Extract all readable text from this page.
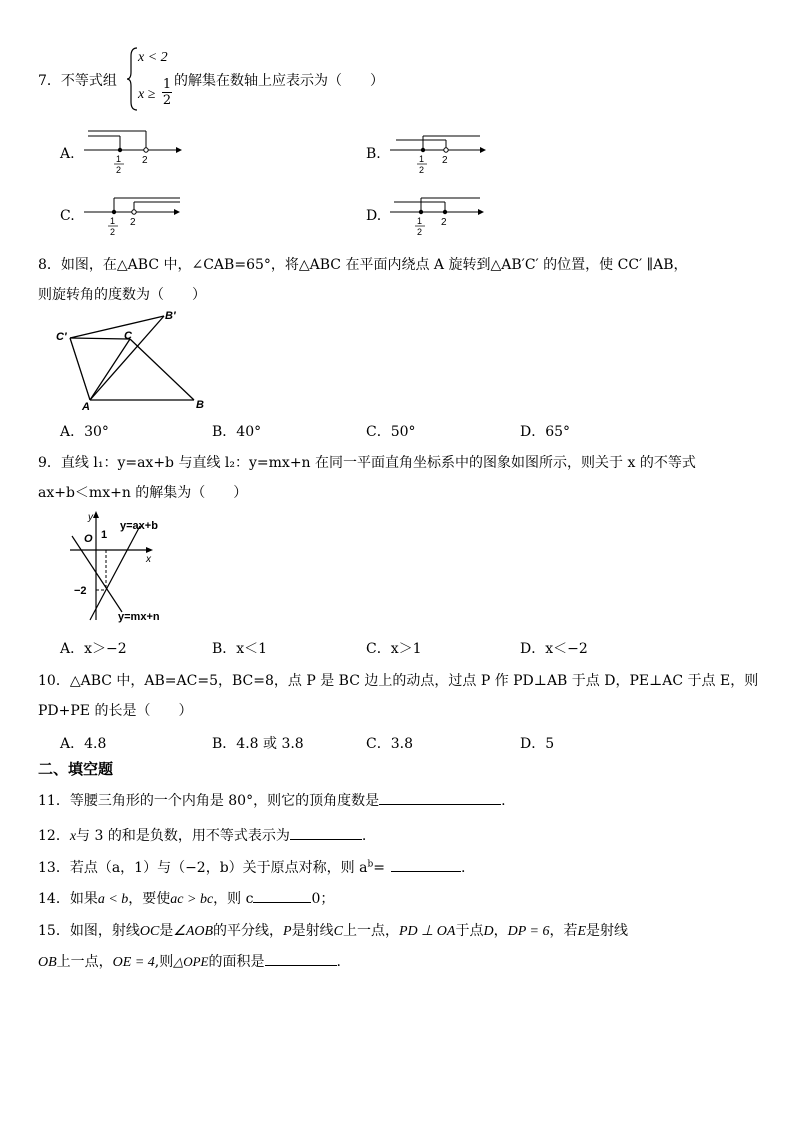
7．不等式组
x < 2
$x \ge \frac{1}{2}$ 的解集在数轴上应表示为（　　）
A.	1
2
2	B.	1
2
2
C.	1
2
2	D.	1
2
2
8．如图，在△ABC 中，∠CAB=65°，将△ABC 在平面内绕点 A 旋转到△AB′C′ 的位置，使 CC′ ∥AB，
则旋转角的度数为（　　）
C′
B′
C
A	B
A．30°	B．40°	C．50°	D．65°
9．直线 l₁：y=ax+b 与直线 l₂：y=mx+n 在同一平面直角坐标系中的图象如图所示，则关于 x 的不等式
ax+b＜mx+n 的解集为（　　）
y
x
O 1
−2
y=ax+b
y=mx+n
A．x＞−2	B．x＜1	C．x＞1	D．x＜−2
10．△ABC 中，AB=AC=5，BC=8，点 P 是 BC 边上的动点，过点 P 作 PD⊥AB 于点 D，PE⊥AC 于点 E，则
PD+PE 的长是（　　）
A．4.8	B．4.8 或 3.8	C．3.8	D．5
二、填空题
11．等腰三角形的一个内角是 80°，则它的顶角度数是	.
12．x与 3 的和是负数，用不等式表示为	.
13．若点（a，1）与（−2，b）关于原点对称，则 $a^b=$	.
14．如果a < b，要使ac > bc，则 c	0；
15．如图，射线OC是∠AOB的平分线，P是射线C上一点，PD ⊥ OA于点D，DP = 6，若E是射线
OB上一点，OE = 4,则△OPE的面积是	.
